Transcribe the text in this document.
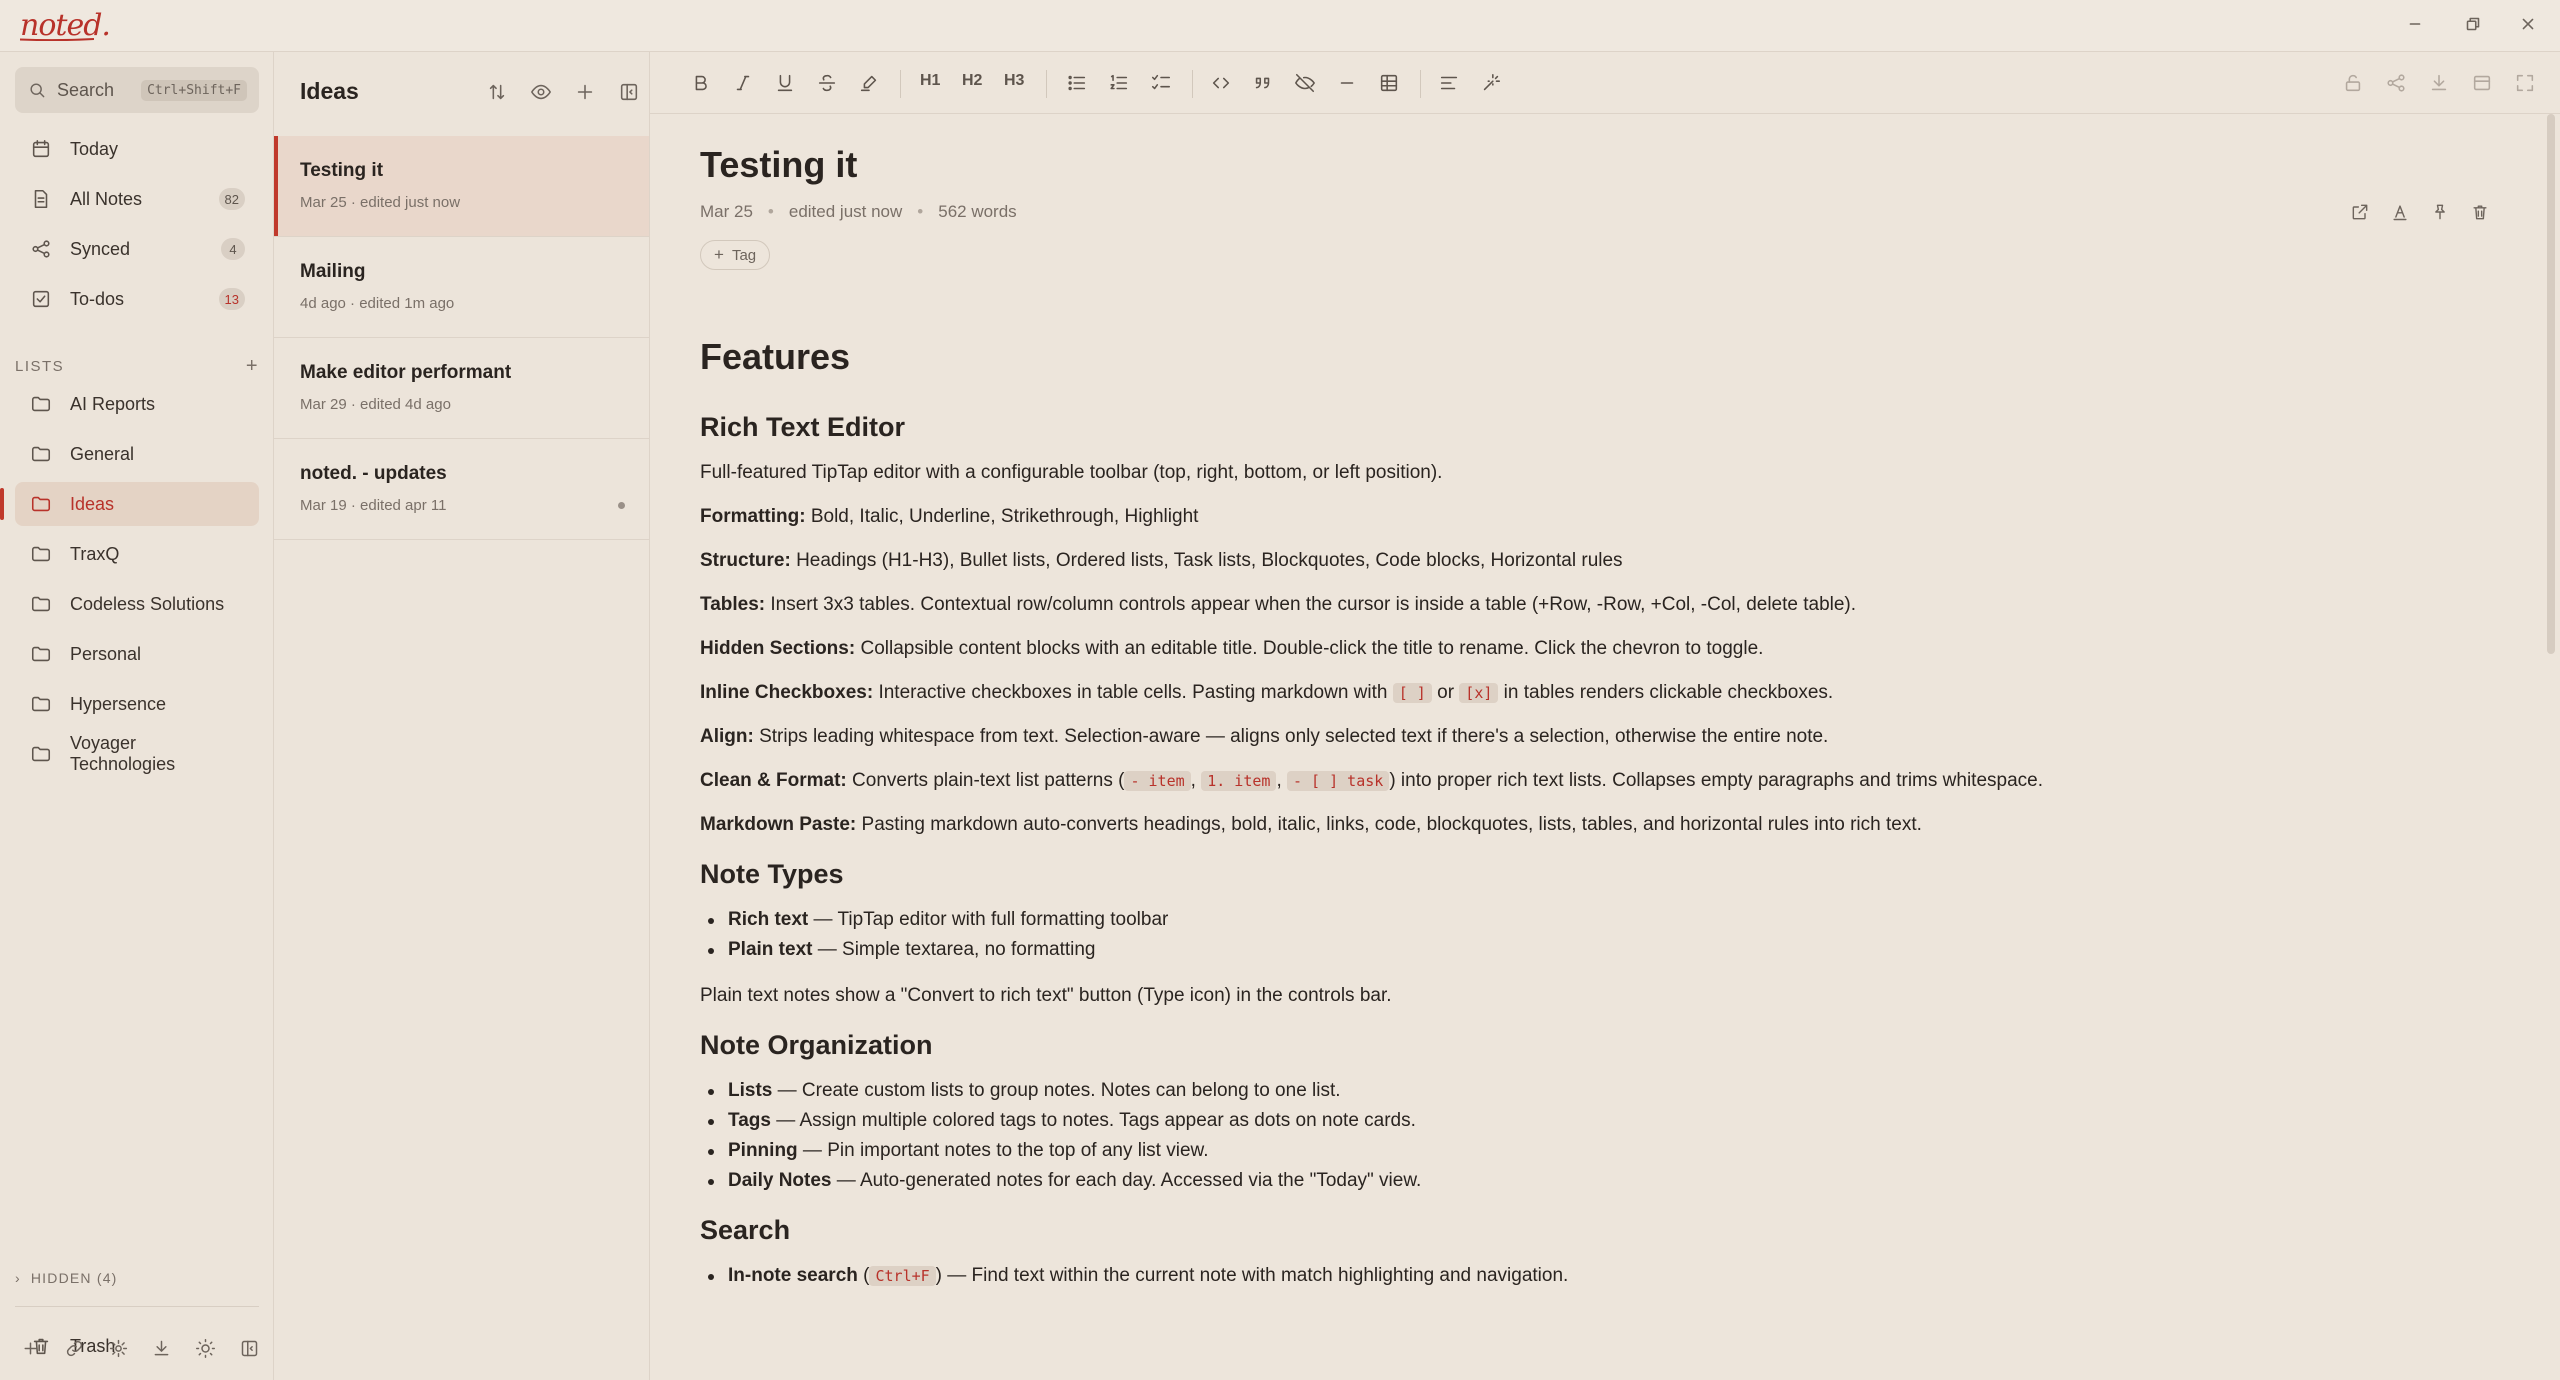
noted.
Search	Ctrl+Shift+F
Today
All Notes	82
Synced	4
To-dos	13
LISTS	+
AI Reports
General
Ideas
TraxQ
Codeless Solutions
Personal
Hypersence
Voyager Technologies
› HIDDEN (4)
Trash
Ideas
Testing it
Mar 25 · edited just now
Mailing
4d ago · edited 1m ago
Make editor performant
Mar 29 · edited 4d ago
noted. - updates
Mar 19 · edited apr 11
H1 H2 H3
Testing it
Mar 25 • edited just now • 562 words
+ Tag
Features
Rich Text Editor

Full-featured TipTap editor with a configurable toolbar (top, right, bottom, or left position).

Formatting: Bold, Italic, Underline, Strikethrough, Highlight

Structure: Headings (H1-H3), Bullet lists, Ordered lists, Task lists, Blockquotes, Code blocks, Horizontal rules

Tables: Insert 3x3 tables. Contextual row/column controls appear when the cursor is inside a table (+Row, -Row, +Col, -Col, delete table).

Hidden Sections: Collapsible content blocks with an editable title. Double-click the title to rename. Click the chevron to toggle.

Inline Checkboxes: Interactive checkboxes in table cells. Pasting markdown with [ ] or [x] in tables renders clickable checkboxes.

Align: Strips leading whitespace from text. Selection-aware — aligns only selected text if there's a selection, otherwise the entire note.

Clean & Format: Converts plain-text list patterns ( - item , 1. item , - [ ] task ) into proper rich text lists. Collapses empty paragraphs and trims whitespace.

Markdown Paste: Pasting markdown auto-converts headings, bold, italic, links, code, blockquotes, lists, tables, and horizontal rules into rich text.

Note Types
Rich text — TipTap editor with full formatting toolbar
Plain text — Simple textarea, no formatting

Plain text notes show a "Convert to rich text" button (Type icon) in the controls bar.

Note Organization
Lists — Create custom lists to group notes. Notes can belong to one list.
Tags — Assign multiple colored tags to notes. Tags appear as dots on note cards.
Pinning — Pin important notes to the top of any list view.
Daily Notes — Auto-generated notes for each day. Accessed via the "Today" view.
Search
In-note search ( Ctrl+F ) — Find text within the current note with match highlighting and navigation.
